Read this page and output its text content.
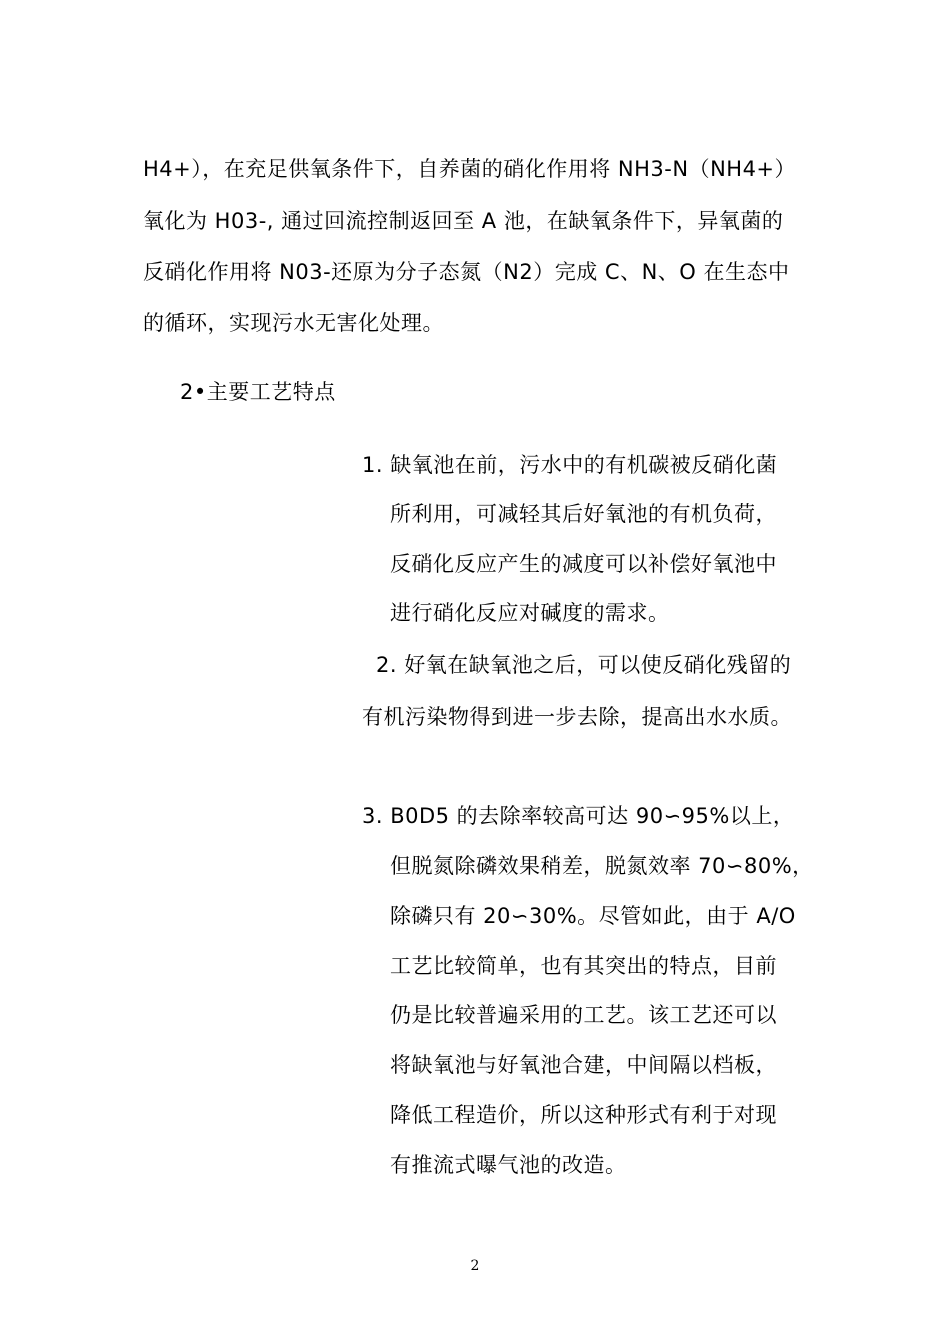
H4+），在充足供氧条件下，自养菌的硝化作用将 NH3-N（NH4+）
氧化为 H03-, 通过回流控制返回至 A 池，在缺氧条件下，异氧菌的
反硝化作用将 N03-还原为分子态氮（N2）完成 C、N、O 在生态中
的循环，实现污水无害化处理。
2•主要工艺特点
1. 缺氧池在前，污水中的有机碳被反硝化菌
所利用，可减轻其后好氧池的有机负荷，
反硝化反应产生的减度可以补偿好氧池中
进行硝化反应对碱度的需求。
2. 好氧在缺氧池之后，可以使反硝化残留的
有机污染物得到进一步去除，提高出水水质。
3. B0D5 的去除率较高可达 90∽95%以上，
但脱氮除磷效果稍差，脱氮效率 70∽80%，
除磷只有 20∽30%。尽管如此，由于 A/O
工艺比较简单，也有其突出的特点，目前
仍是比较普遍采用的工艺。该工艺还可以
将缺氧池与好氧池合建，中间隔以档板，
降低工程造价，所以这种形式有利于对现
有推流式曝气池的改造。
2
